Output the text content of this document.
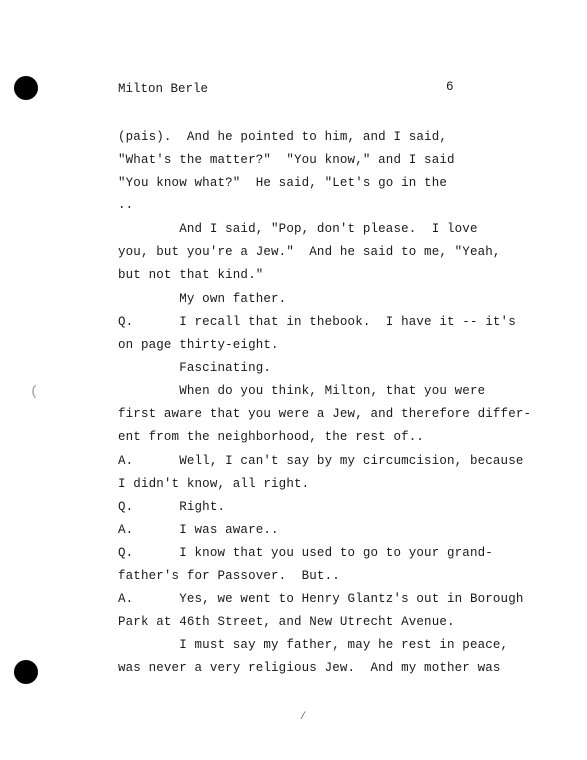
Milton Berle	6
(pais).  And he pointed to him, and I said,
"What's the matter?"  "You know," and I said
"You know what?"  He said, "Let's go in the
..
And I said, "Pop, don't please.  I love
you, but you're a Jew."  And he said to me, "Yeah,
but not that kind."
My own father.
Q.      I recall that in thebook.  I have it -- it's
on page thirty-eight.
Fascinating.
When do you think, Milton, that you were
first aware that you were a Jew, and therefore differ-
ent from the neighborhood, the rest of..
A.      Well, I can't say by my circumcision, because
I didn't know, all right.
Q.      Right.
A.      I was aware..
Q.      I know that you used to go to your grand-
father's for Passover.  But..
A.      Yes, we went to Henry Glantz's out in Borough
Park at 46th Street, and New Utrecht Avenue.
I must say my father, may he rest in peace,
was never a very religious Jew.  And my mother was
(
/
